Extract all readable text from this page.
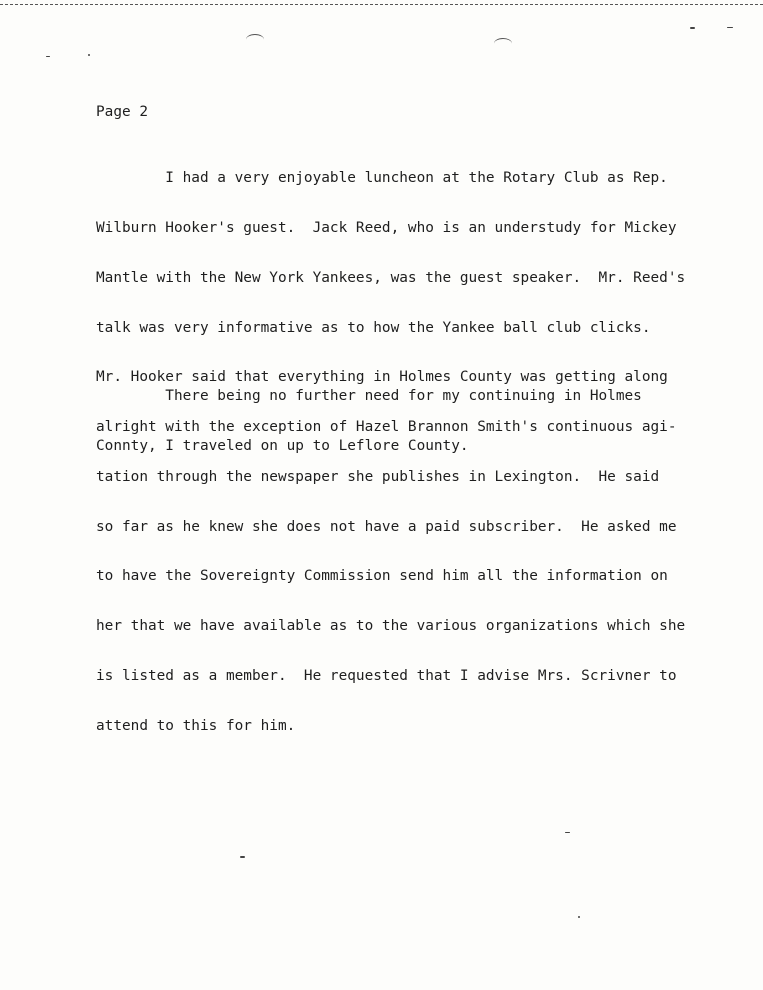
Page 2

I had a very enjoyable luncheon at the Rotary Club as Rep.

Wilburn Hooker's guest.  Jack Reed, who is an understudy for Mickey

Mantle with the New York Yankees, was the guest speaker.  Mr. Reed's

talk was very informative as to how the Yankee ball club clicks.

Mr. Hooker said that everything in Holmes County was getting along

alright with the exception of Hazel Brannon Smith's continuous agi-

tation through the newspaper she publishes in Lexington.  He said

so far as he knew she does not have a paid subscriber.  He asked me

to have the Sovereignty Commission send him all the information on

her that we have available as to the various organizations which she

is listed as a member.  He requested that I advise Mrs. Scrivner to

attend to this for him.

There being no further need for my continuing in Holmes

Connty, I traveled on up to Leflore County.
